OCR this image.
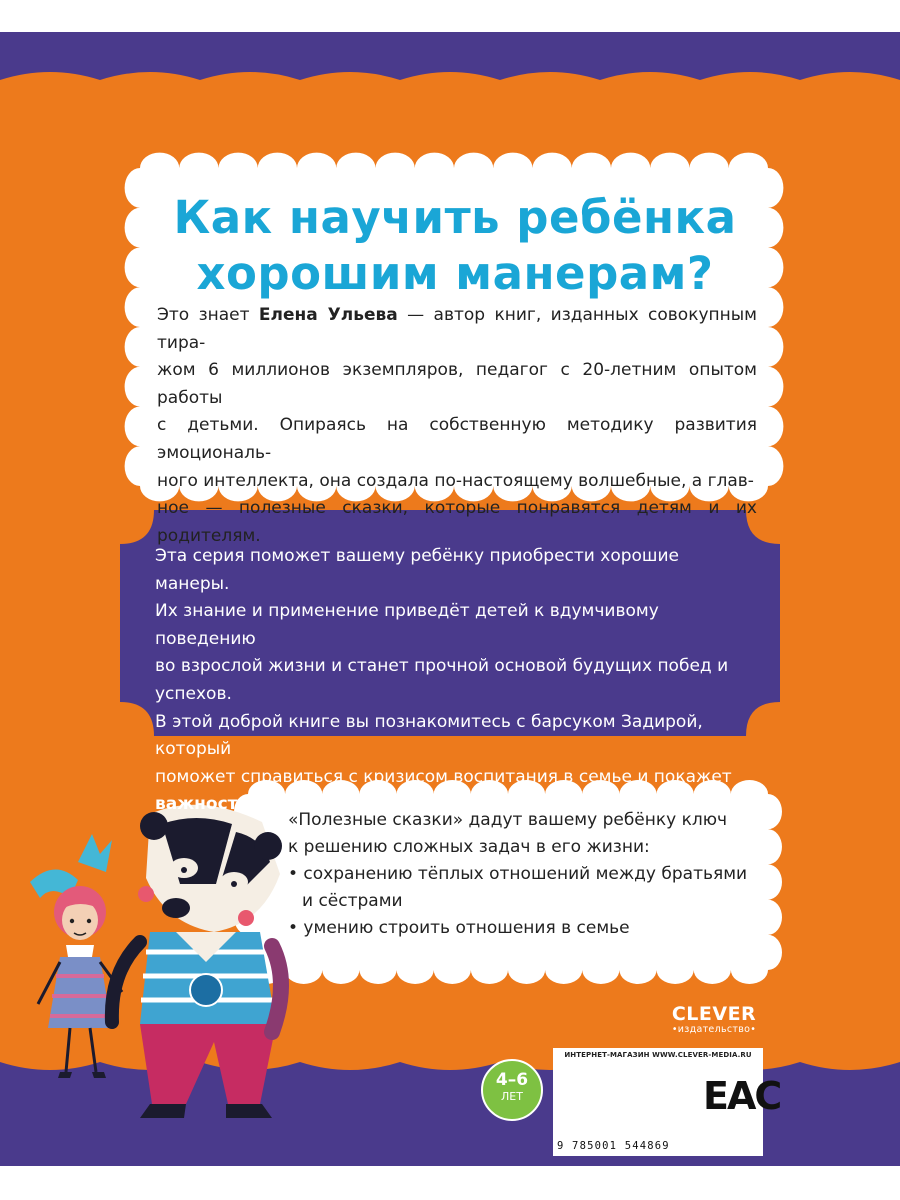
Как научить ребёнка
хорошим манерам?
Это знает Елена Ульева — автор книг, изданных совокупным тира-
жом 6 миллионов экземпляров, педагог с 20-летним опытом работы
с детьми. Опираясь на собственную методику развития эмоциональ-
ного интеллекта, она создала по-настоящему волшебные, а глав-
ное — полезные сказки, которые понравятся детям и их родителям.
Эта серия поможет вашему ребёнку приобрести хорошие манеры.
Их знание и применение приведёт детей к вдумчивому поведению
во взрослой жизни и станет прочной основой будущих побед и успехов.
В этой доброй книге вы познакомитесь с барсуком Задирой, который
поможет справиться с кризисом воспитания в семье и покажет
важность семейных ценностей.
«Полезные сказки» дадут вашему ребёнку ключ
к решению сложных задач в его жизни:
• сохранению тёплых отношений между братьями
и сёстрами
• умению строить отношения в семье
CLEVER
•издательство•
4–6
ЛЕТ
ИНТЕРНЕТ-МАГАЗИН WWW.CLEVER-MEDIA.RU
9 785001 544869
ЕАС
